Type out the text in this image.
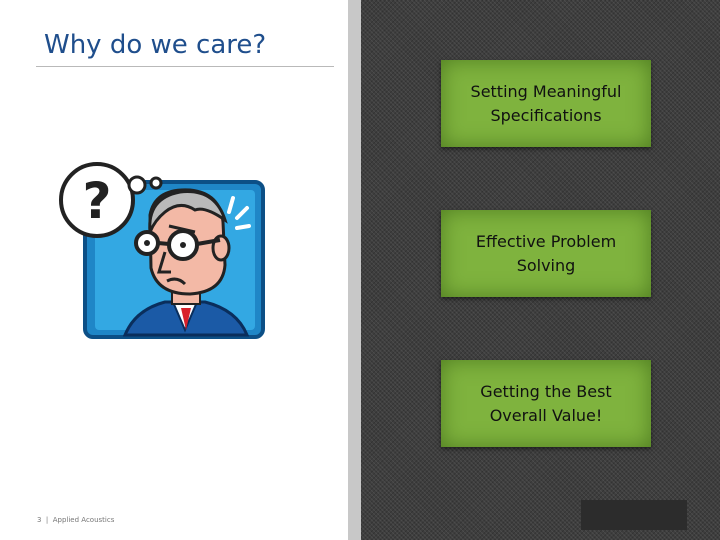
Why do we care?
?
3 | Applied Acoustics
Setting Meaningful Specifications
Effective Problem Solving
Getting the Best Overall Value!
